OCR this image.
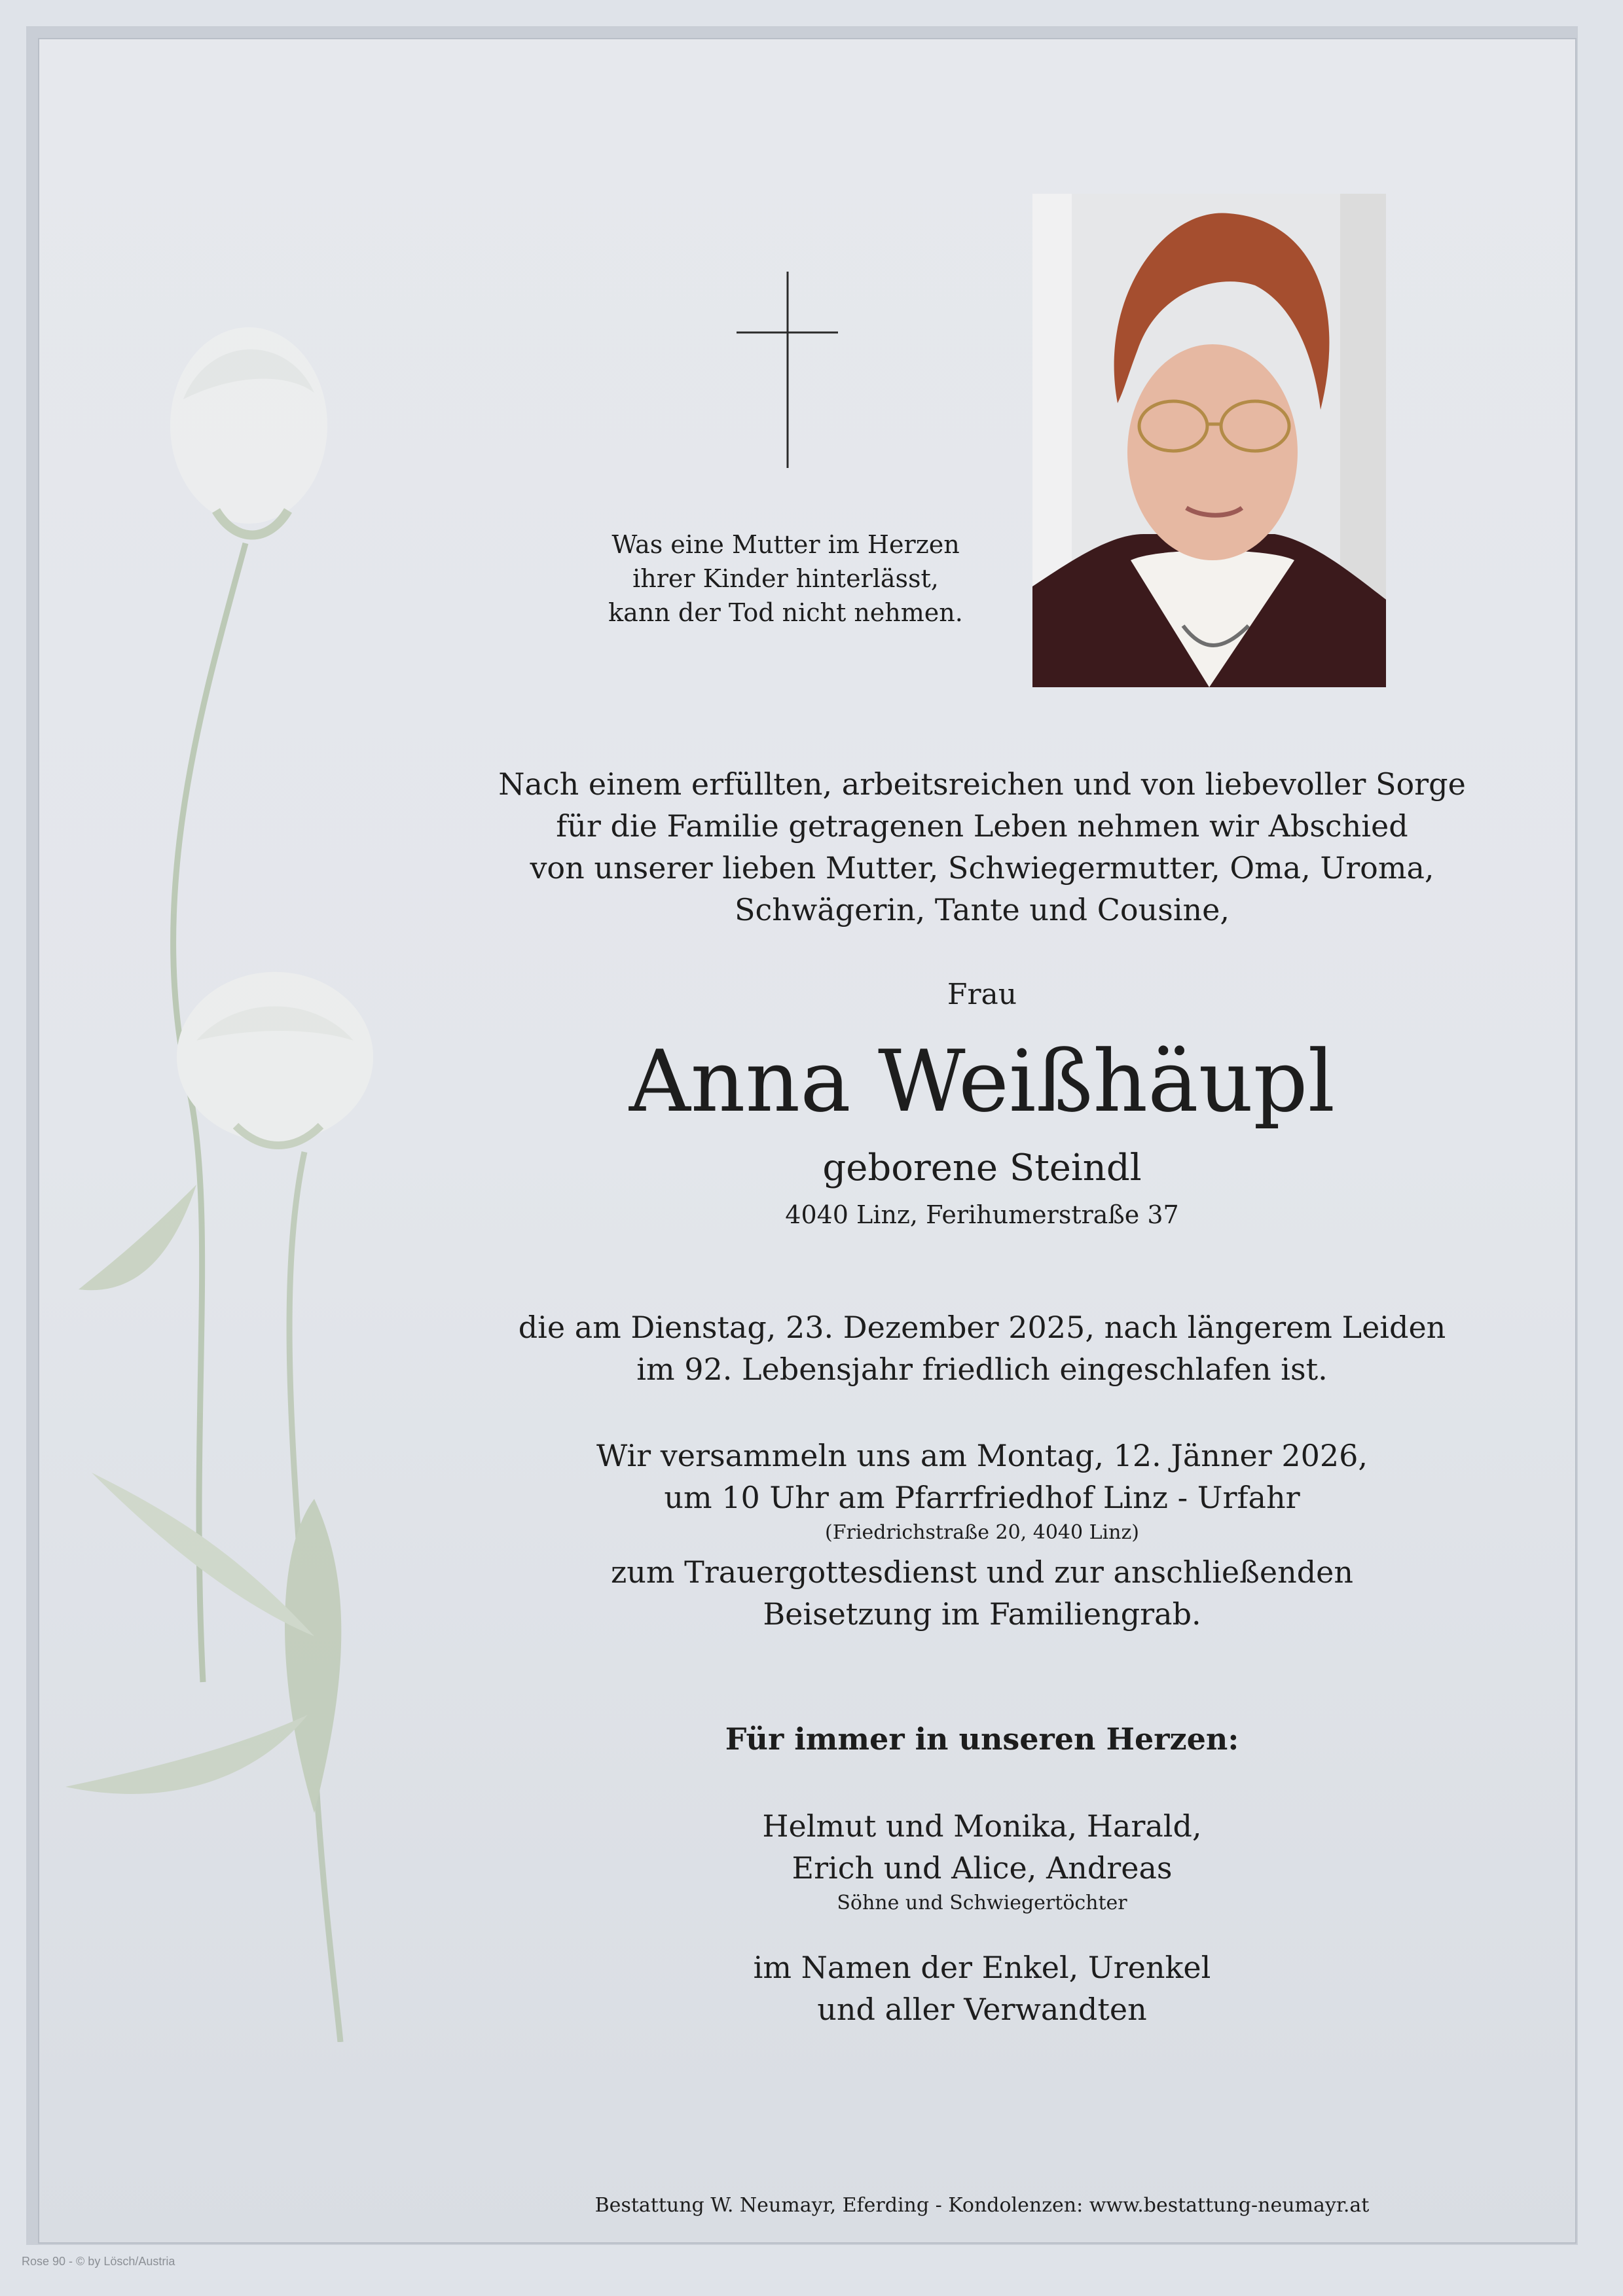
Was eine Mutter im Herzen
ihrer Kinder hinterlässt,
kann der Tod nicht nehmen.
Nach einem erfüllten, arbeitsreichen und von liebevoller Sorge
für die Familie getragenen Leben nehmen wir Abschied
von unserer lieben Mutter, Schwiegermutter, Oma, Uroma,
Schwägerin, Tante und Cousine,
Frau
Anna Weißhäupl
geborene Steindl
4040 Linz, Ferihumerstraße 37
die am Dienstag, 23. Dezember 2025, nach längerem Leiden
im 92. Lebensjahr friedlich eingeschlafen ist.
Wir versammeln uns am Montag, 12. Jänner 2026,
um 10 Uhr am Pfarrfriedhof Linz - Urfahr
(Friedrichstraße 20, 4040 Linz)
zum Trauergottesdienst und zur anschließenden
Beisetzung im Familiengrab.
Für immer in unseren Herzen:
Helmut und Monika, Harald,
Erich und Alice, Andreas
Söhne und Schwiegertöchter
im Namen der Enkel, Urenkel
und aller Verwandten
Bestattung W. Neumayr, Eferding - Kondolenzen: www.bestattung-neumayr.at
Rose 90 - © by Lösch/Austria
